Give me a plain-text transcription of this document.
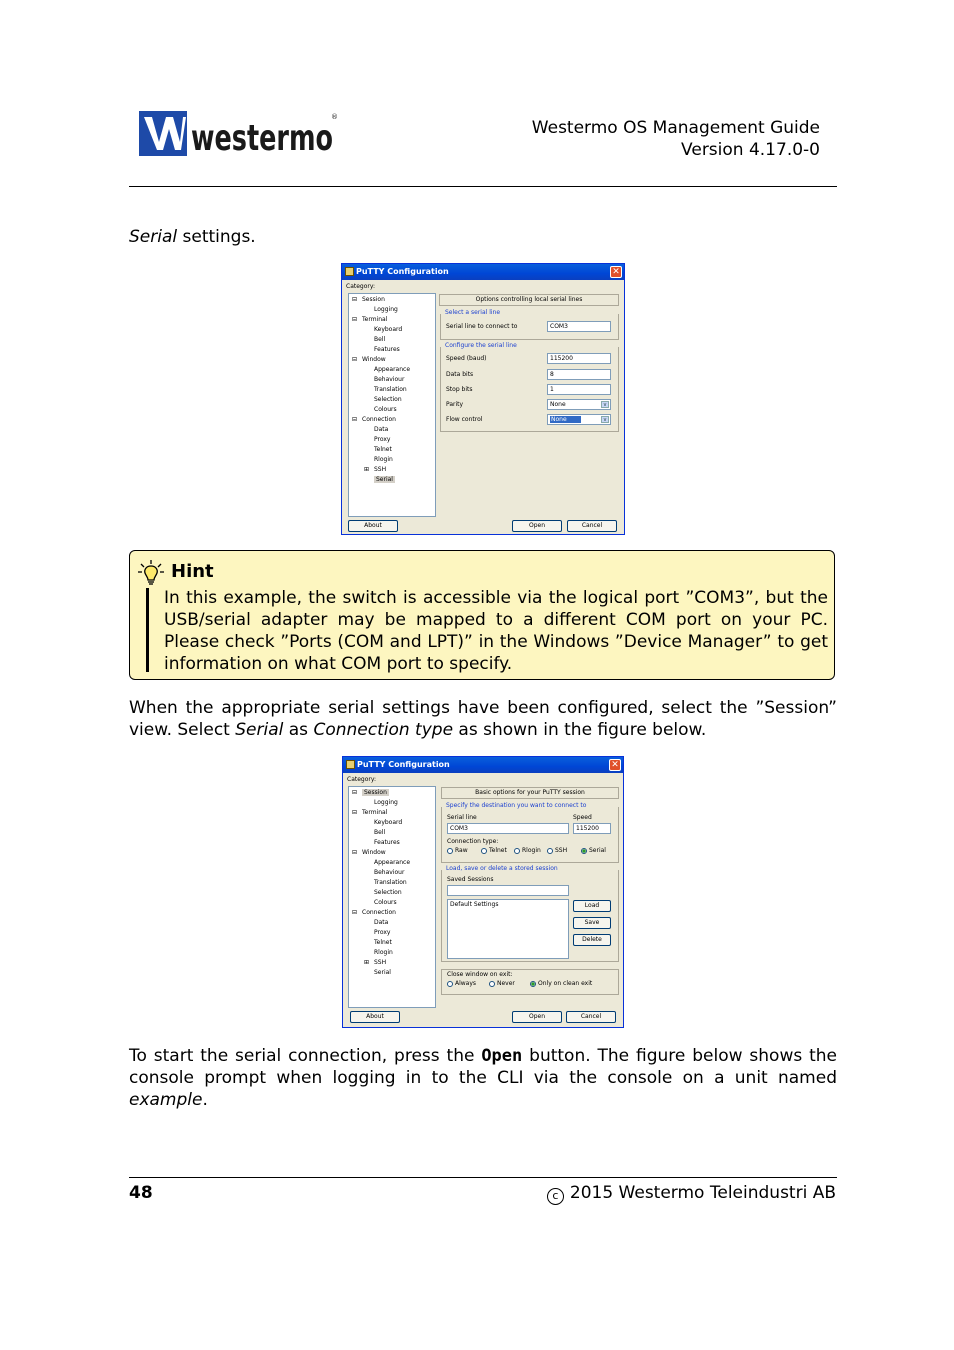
westermo
®
Westermo OS Management Guide
Version 4.17.0-0
Serial settings.
PuTTY Configuration	✕
Category:
⊟ Session
Logging
⊟ Terminal
Keyboard
Bell
Features
⊟ Window
Appearance
Behaviour
Translation
Selection
Colours
⊟ Connection
Data
Proxy
Telnet
Rlogin
⊞ SSH
Serial
Options controlling local serial lines
Select a serial line
Serial line to connect to	COM3
Configure the serial line
Speed (baud)	115200
Data bits	8
Stop bits	1
Parity	None	v
Flow control	None	v
About	Open	Cancel
Hint
In this example, the switch is accessible via the logical port ”COM3”, but the USB/serial adapter may be mapped to a different COM port on your PC. Please check ”Ports (COM and LPT)” in the Windows ”Device Manager” to get information on what COM port to specify.
When the appropriate serial settings have been configured, select the ”Session” view. Select Serial as Connection type as shown in the figure below.
PuTTY Configuration	✕
Category:
⊟	Session
Logging
⊟ Terminal
Keyboard
Bell
Features
⊟ Window
Appearance
Behaviour
Translation
Selection
Colours
⊟ Connection
Data
Proxy
Telnet
Rlogin
⊞ SSH
Serial
Basic options for your PuTTY session
Specify the destination you want to connect to
Serial line	Speed
COM3	115200
Connection type:
Raw	Telnet	Rlogin	SSH	Serial
Load, save or delete a stored session
Saved Sessions
Default Settings	Load
Save
Delete
Close window on exit:
Always	Never	Only on clean exit
About	Open	Cancel
To start the serial connection, press the Open button. The figure below shows the console prompt when logging in to the CLI via the console on a unit named example.
48	c 2015 Westermo Teleindustri AB
